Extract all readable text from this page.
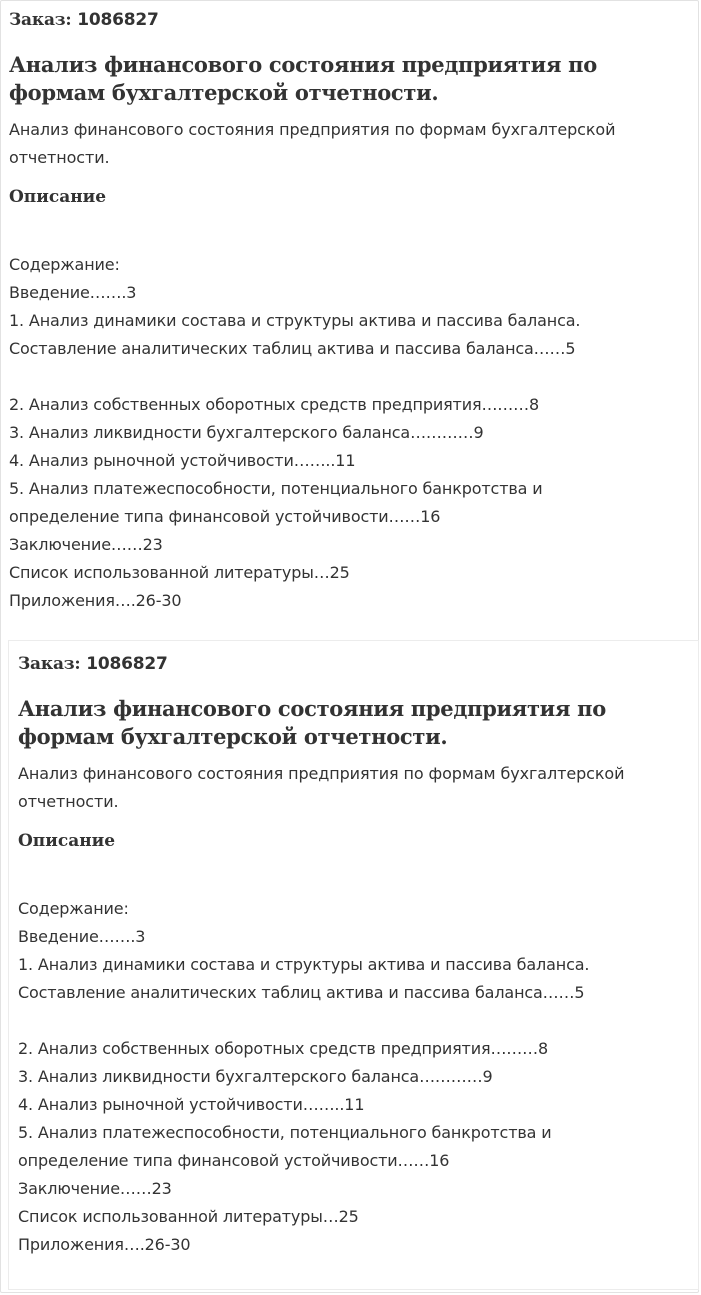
Заказ: 1086827
Анализ финансового состояния предприятия по формам бухгалтерской отчетности.

Анализ финансового состояния предприятия по формам бухгалтерской отчетности.

Описание
Содержание:
Введение…….3
1. Анализ динамики состава и структуры актива и пассива баланса.
Составление аналитических таблиц актива и пассива баланса……5
2. Анализ собственных оборотных средств предприятия………8
3. Анализ ликвидности бухгалтерского баланса…………9
4. Анализ рыночной устойчивости……..11
5. Анализ платежеспособности, потенциального банкротства и
определение типа финансовой устойчивости……16
Заключение……23
Список использованной литературы…25
Приложения….26-30
Заказ: 1086827
Анализ финансового состояния предприятия по формам бухгалтерской отчетности.

Анализ финансового состояния предприятия по формам бухгалтерской отчетности.

Описание
Содержание:
Введение…….3
1. Анализ динамики состава и структуры актива и пассива баланса.
Составление аналитических таблиц актива и пассива баланса……5
2. Анализ собственных оборотных средств предприятия………8
3. Анализ ликвидности бухгалтерского баланса…………9
4. Анализ рыночной устойчивости……..11
5. Анализ платежеспособности, потенциального банкротства и
определение типа финансовой устойчивости……16
Заключение……23
Список использованной литературы…25
Приложения….26-30
